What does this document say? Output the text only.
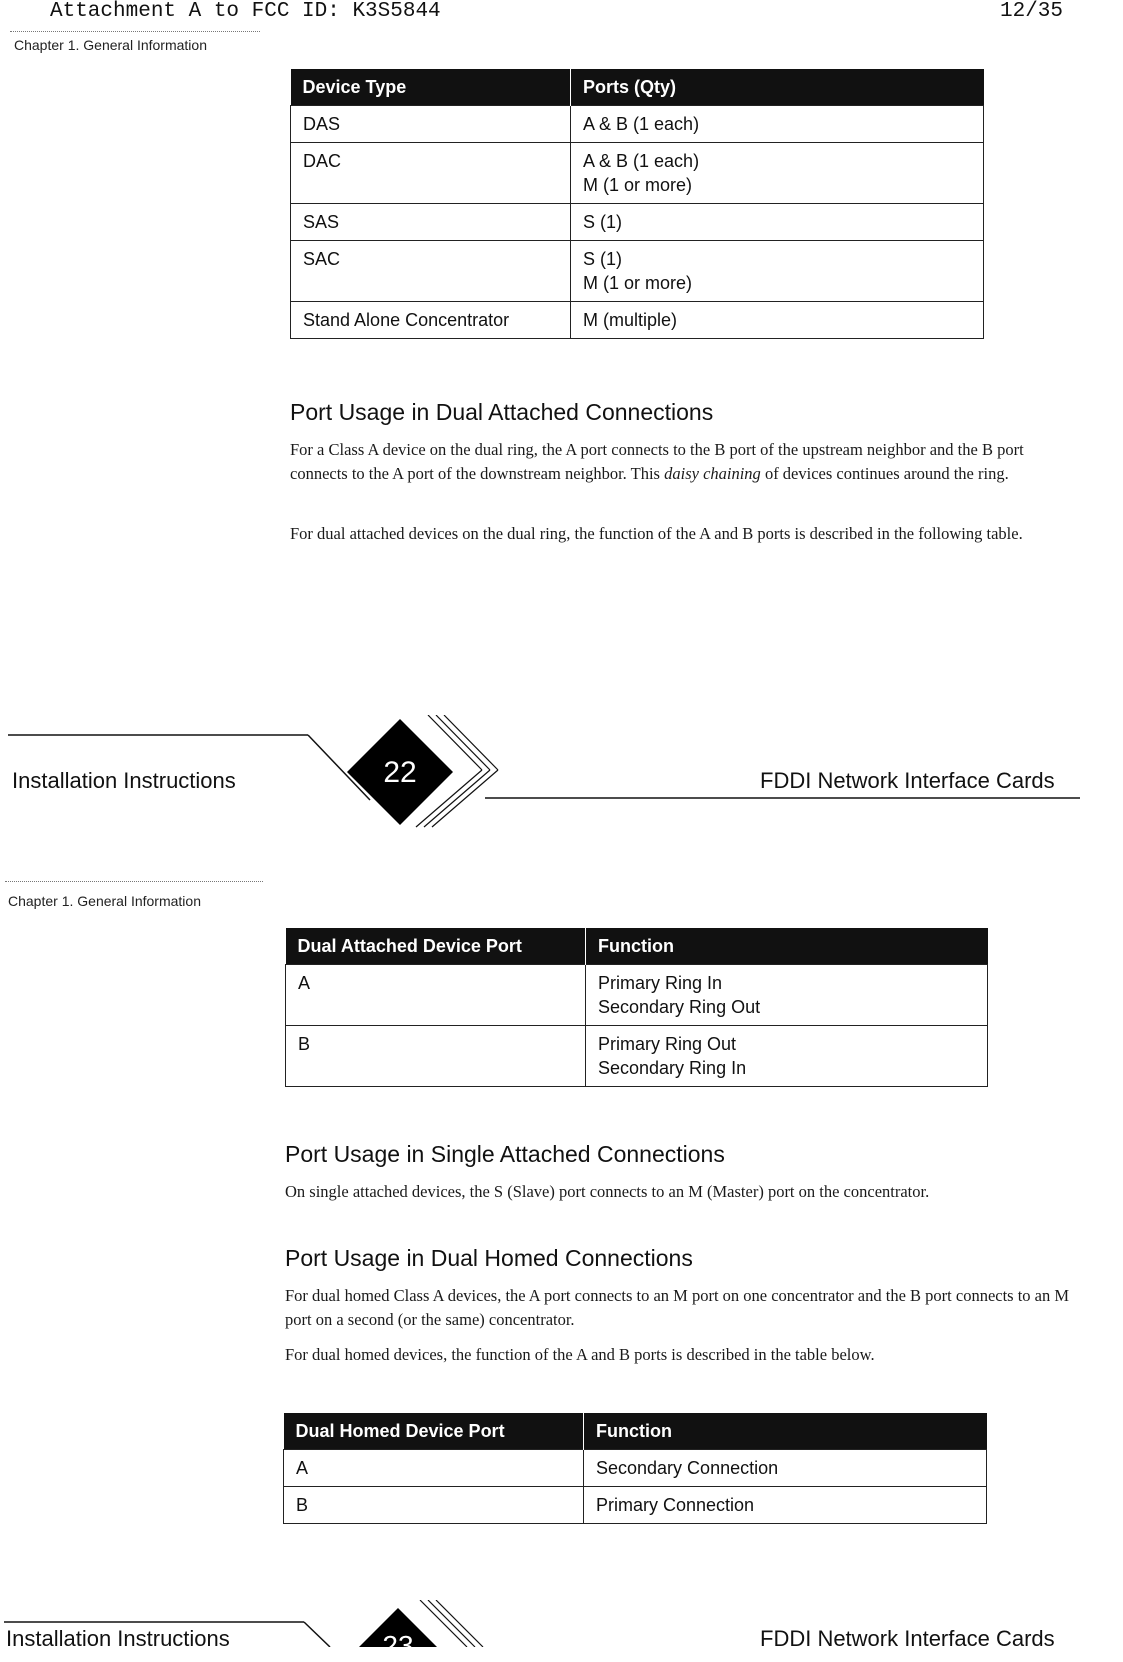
Attachment A to FCC ID: K3S5844	12/35
Chapter 1. General Information
Device Type	Ports (Qty)
DAS	A & B (1 each)

DAC	A & B (1 each)
M (1 or more)

SAS	S (1)

SAC	S (1)
M (1 or more)

Stand Alone Concentrator	M (multiple)
Port Usage in Dual Attached Connections

For a Class A device on the dual ring, the A port connects to the B port of the upstream neighbor and the B port connects to the A port of the downstream neighbor. This daisy chaining of devices continues around the ring.

For dual attached devices on the dual ring, the function of the A and B ports is described in the following table.

Installation Instructions	22	FDDI Network Interface Cards
Chapter 1. General Information
Dual Attached Device Port	Function
A	Primary Ring In
Secondary Ring Out

B	Primary Ring Out
Secondary Ring In
Port Usage in Single Attached Connections

On single attached devices, the S (Slave) port connects to an M (Master) port on the concentrator.

Port Usage in Dual Homed Connections

For dual homed Class A devices, the A port connects to an M port on one concentrator and the B port connects to an M port on a second (or the same) concentrator.

For dual homed devices, the function of the A and B ports is described in the table below.

Dual Homed Device Port	Function
A	Secondary Connection
B	Primary Connection
Installation Instructions	23	FDDI Network Interface Cards
